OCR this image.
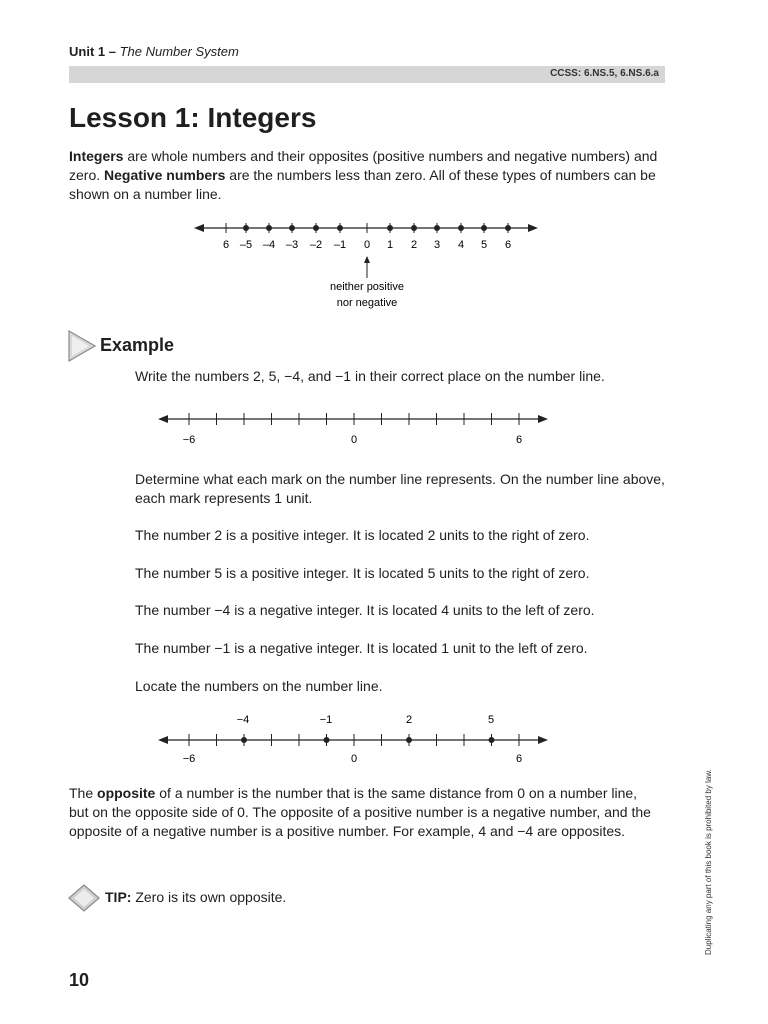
Unit 1 – The Number System
CCSS: 6.NS.5, 6.NS.6.a
Lesson 1: Integers
Integers are whole numbers and their opposites (positive numbers and negative numbers) and zero. Negative numbers are the numbers less than zero. All of these types of numbers can be shown on a number line.
6 –5 –4 –3 –2 –1 0 1 2 3 4 5 6
neither positive
nor negative
Example
Write the numbers 2, 5, −4, and −1 in their correct place on the number line.
−6	0	6
Determine what each mark on the number line represents. On the number line above, each mark represents 1 unit.
The number 2 is a positive integer. It is located 2 units to the right of zero.
The number 5 is a positive integer. It is located 5 units to the right of zero.
The number −4 is a negative integer. It is located 4 units to the left of zero.
The number −1 is a negative integer. It is located 1 unit to the left of zero.
Locate the numbers on the number line.
−4	−1	2	5
−6	0	6
The opposite of a number is the number that is the same distance from 0 on a number line, but on the opposite side of 0. The opposite of a positive number is a negative number, and the opposite of a negative number is a positive number. For example, 4 and −4 are opposites.
TIP: Zero is its own opposite.
10
Duplicating any part of this book is prohibited by law.
